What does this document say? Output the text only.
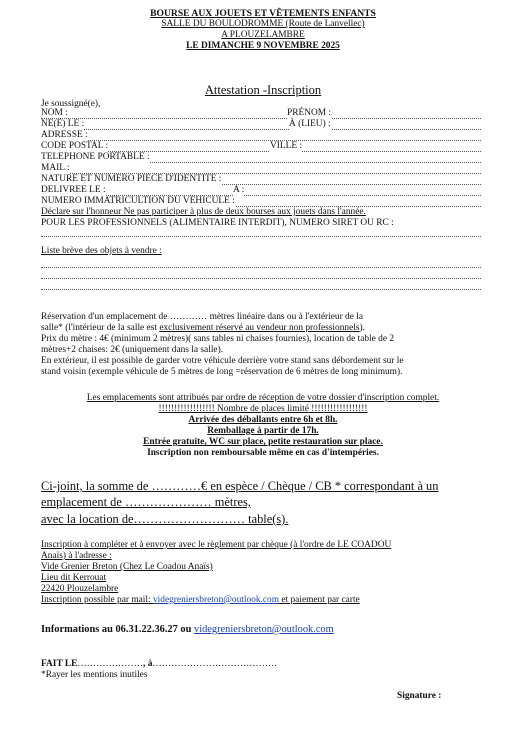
BOURSE AUX JOUETS ET VÊTEMENTS ENFANTS
SALLE DU BOULODROMME (Route de Lanvellec)
A PLOUZELAMBRE
LE DIMANCHE 9 NOVEMBRE 2025
Attestation -Inscription
Je soussigné(e),
NOM :	PRÉNOM :
NE(E) LE :	À (LIEU) :
ADRESSE :
CODE POSTAL :	VILLE :
TELEPHONE PORTABLE :
MAIL :
NATURE ET NUMERO PIECE D'IDENTITE :
DELIVREE LE :	A :
NUMERO IMMATRICULTION DU VEHICULE :
Déclare sur l'honneur Ne pas participer à plus de deux bourses aux jouets dans l'année.
POUR LES PROFESSIONNELS (ALIMENTAIRE INTERDIT), NUMERO SIRET OU RC :
Liste brève des objets à vendre :
Réservation d'un emplacement de ………… mètres linéaire dans ou à l'extérieur de la
salle* (l'intérieur de la salle est exclusivement réservé au vendeur non professionnels).
Prix du mètre : 4€ (minimum 2 mètres)( sans tables ni chaises fournies), location de table de 2
mètres+2 chaises: 2€ (uniquement dans la salle).
En extérieur, il est possible de garder votre véhicule derrière votre stand sans débordement sur le
stand voisin (exemple véhicule de 5 mètres de long =réservation de 6 mètres de long minimum).
Les emplacements sont attribués par ordre de réception de votre dossier d'inscription complet.
!!!!!!!!!!!!!!!!!! Nombre de places limité !!!!!!!!!!!!!!!!!!
Arrivée des déballants entre 6h et 8h.
Remballage à partir de 17h.
Entrée gratuite, WC sur place, petite restauration sur place.
Inscription non remboursable même en cas d'intempéries.
Ci-joint, la somme de …………€ en espèce / Chèque / CB * correspondant à un
emplacement de ………………… mètres,
avec la location de……………………… table(s).
Inscription à compléter et à envoyer avec le règlement par chèque (à l'ordre de LE COADOU
Anaïs) à l'adresse :
Vide Grenier Breton (Chez Le Coadou Anaïs)
Lieu dit Kerrouat
22420 Plouzelambre
Inscription possible par mail: videgreniersbreton@outlook.com et paiement par carte
Informations au 06.31.22.36.27 ou videgreniersbreton@outlook.com
FAIT LE…………………, à………………………………….
*Rayer les mentions inutiles
Signature :
